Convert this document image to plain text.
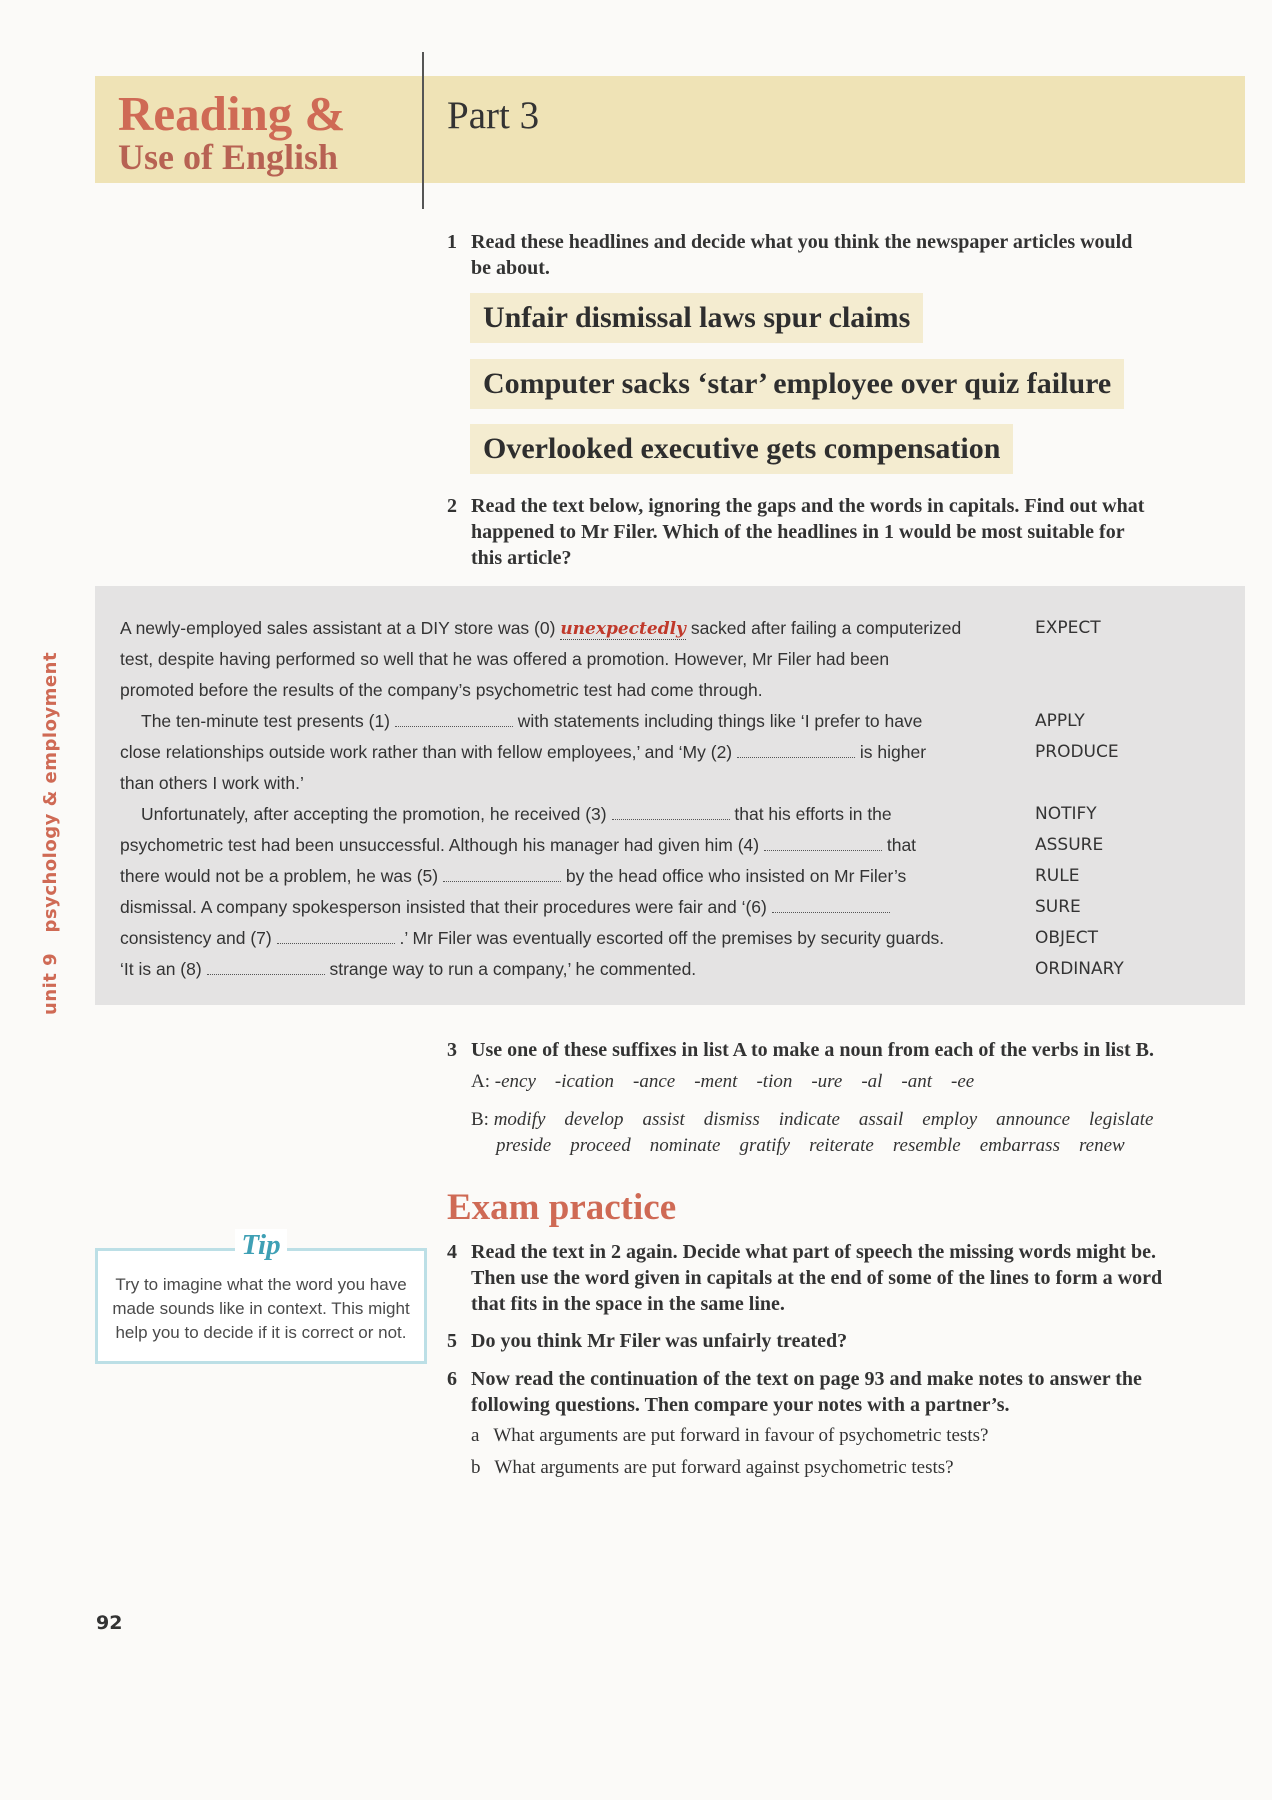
Reading &
Use of English
Part 3
1 Read these headlines and decide what you think the newspaper articles would
be about.
Unfair dismissal laws spur claims
Computer sacks ‘star’ employee over quiz failure
Overlooked executive gets compensation
2 Read the text below, ignoring the gaps and the words in capitals. Find out what
happened to Mr Filer. Which of the headlines in 1 would be most suitable for
this article?
A newly-employed sales assistant at a DIY store was (0) unexpectedly sacked after failing a computerized
test, despite having performed so well that he was offered a promotion. However, Mr Filer had been
promoted before the results of the company’s psychometric test had come through.
The ten-minute test presents (1)	with statements including things like ‘I prefer to have
close relationships outside work rather than with fellow employees,’ and ‘My (2)	is higher
than others I work with.’
Unfortunately, after accepting the promotion, he received (3)	that his efforts in the
psychometric test had been unsuccessful. Although his manager had given him (4)	that
there would not be a problem, he was (5)	by the head office who insisted on Mr Filer’s
dismissal. A company spokesperson insisted that their procedures were fair and ‘(6)
consistency and (7)	.’ Mr Filer was eventually escorted off the premises by security guards.
‘It is an (8)	strange way to run a company,’ he commented.
EXPECT
APPLY
PRODUCE
NOTIFY
ASSURE
RULE
SURE
OBJECT
ORDINARY
unit 9   psychology & employment
3 Use one of these suffixes in list A to make a noun from each of the verbs in list B.
A: -ency -ication -ance -ment -tion -ure -al -ant -ee
B: modify develop assist dismiss indicate assail employ announce legislate
preside proceed nominate gratify reiterate resemble embarrass renew
Exam practice
Tip
Try to imagine what the word you have
made sounds like in context. This might
help you to decide if it is correct or not.
4 Read the text in 2 again. Decide what part of speech the missing words might be.
Then use the word given in capitals at the end of some of the lines to form a word
that fits in the space in the same line.
5 Do you think Mr Filer was unfairly treated?
6 Now read the continuation of the text on page 93 and make notes to answer the
following questions. Then compare your notes with a partner’s.
a What arguments are put forward in favour of psychometric tests?
b What arguments are put forward against psychometric tests?
92
